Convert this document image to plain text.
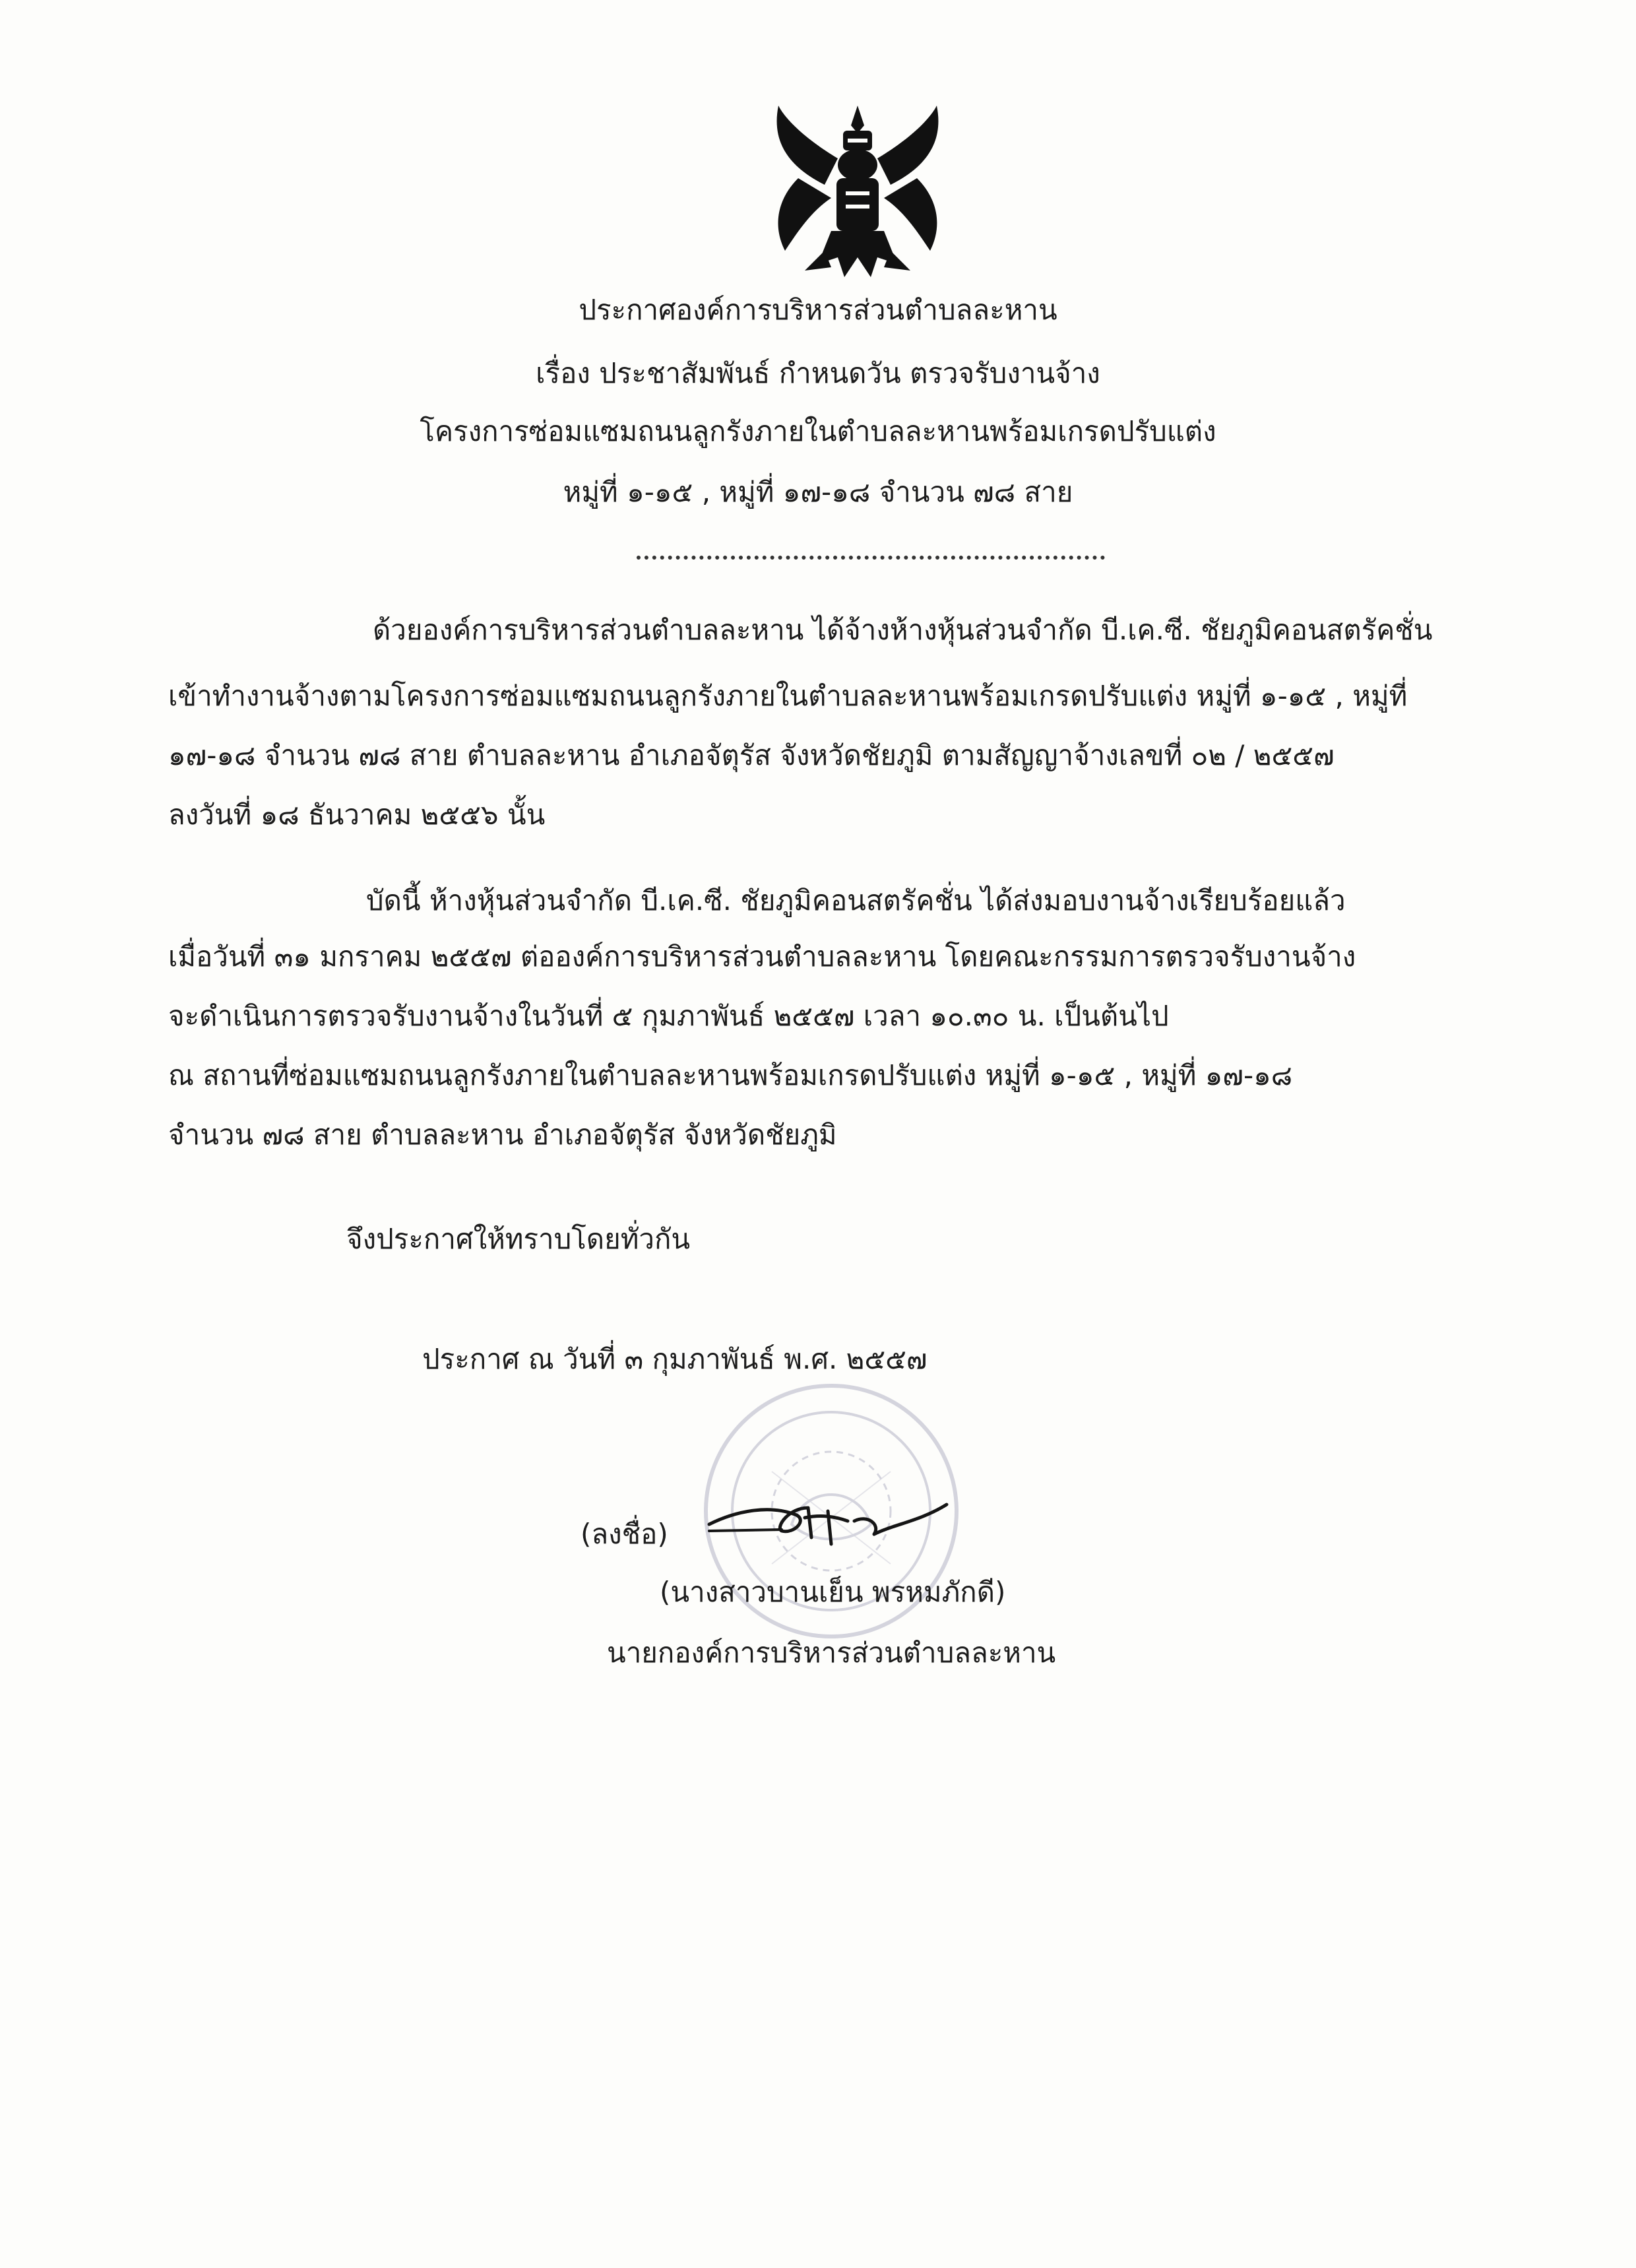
ประกาศองค์การบริหารส่วนตำบลละหาน
เรื่อง ประชาสัมพันธ์ กำหนดวัน ตรวจรับงานจ้าง
โครงการซ่อมแซมถนนลูกรังภายในตำบลละหานพร้อมเกรดปรับแต่ง
หมู่ที่ ๑-๑๕ , หมู่ที่ ๑๗-๑๘ จำนวน ๗๘ สาย
ด้วยองค์การบริหารส่วนตำบลละหาน ได้จ้างห้างหุ้นส่วนจำกัด บี.เค.ซี. ชัยภูมิคอนสตรัคชั่น
เข้าทำงานจ้างตามโครงการซ่อมแซมถนนลูกรังภายในตำบลละหานพร้อมเกรดปรับแต่ง หมู่ที่ ๑-๑๕ , หมู่ที่
๑๗-๑๘ จำนวน ๗๘ สาย ตำบลละหาน อำเภอจัตุรัส จังหวัดชัยภูมิ ตามสัญญาจ้างเลขที่ ๐๒ / ๒๕๕๗
ลงวันที่ ๑๘ ธันวาคม ๒๕๕๖ นั้น
บัดนี้ ห้างหุ้นส่วนจำกัด บี.เค.ซี. ชัยภูมิคอนสตรัคชั่น ได้ส่งมอบงานจ้างเรียบร้อยแล้ว
เมื่อวันที่ ๓๑ มกราคม ๒๕๕๗ ต่อองค์การบริหารส่วนตำบลละหาน โดยคณะกรรมการตรวจรับงานจ้าง
จะดำเนินการตรวจรับงานจ้างในวันที่ ๕ กุมภาพันธ์ ๒๕๕๗ เวลา ๑๐.๓๐ น. เป็นต้นไป
ณ สถานที่ซ่อมแซมถนนลูกรังภายในตำบลละหานพร้อมเกรดปรับแต่ง หมู่ที่ ๑-๑๕ , หมู่ที่ ๑๗-๑๘
จำนวน ๗๘ สาย ตำบลละหาน อำเภอจัตุรัส จังหวัดชัยภูมิ
จึงประกาศให้ทราบโดยทั่วกัน
ประกาศ ณ วันที่ ๓ กุมภาพันธ์ พ.ศ. ๒๕๕๗
(ลงชื่อ)
(นางสาวบานเย็น พรหมภักดี)
นายกองค์การบริหารส่วนตำบลละหาน
